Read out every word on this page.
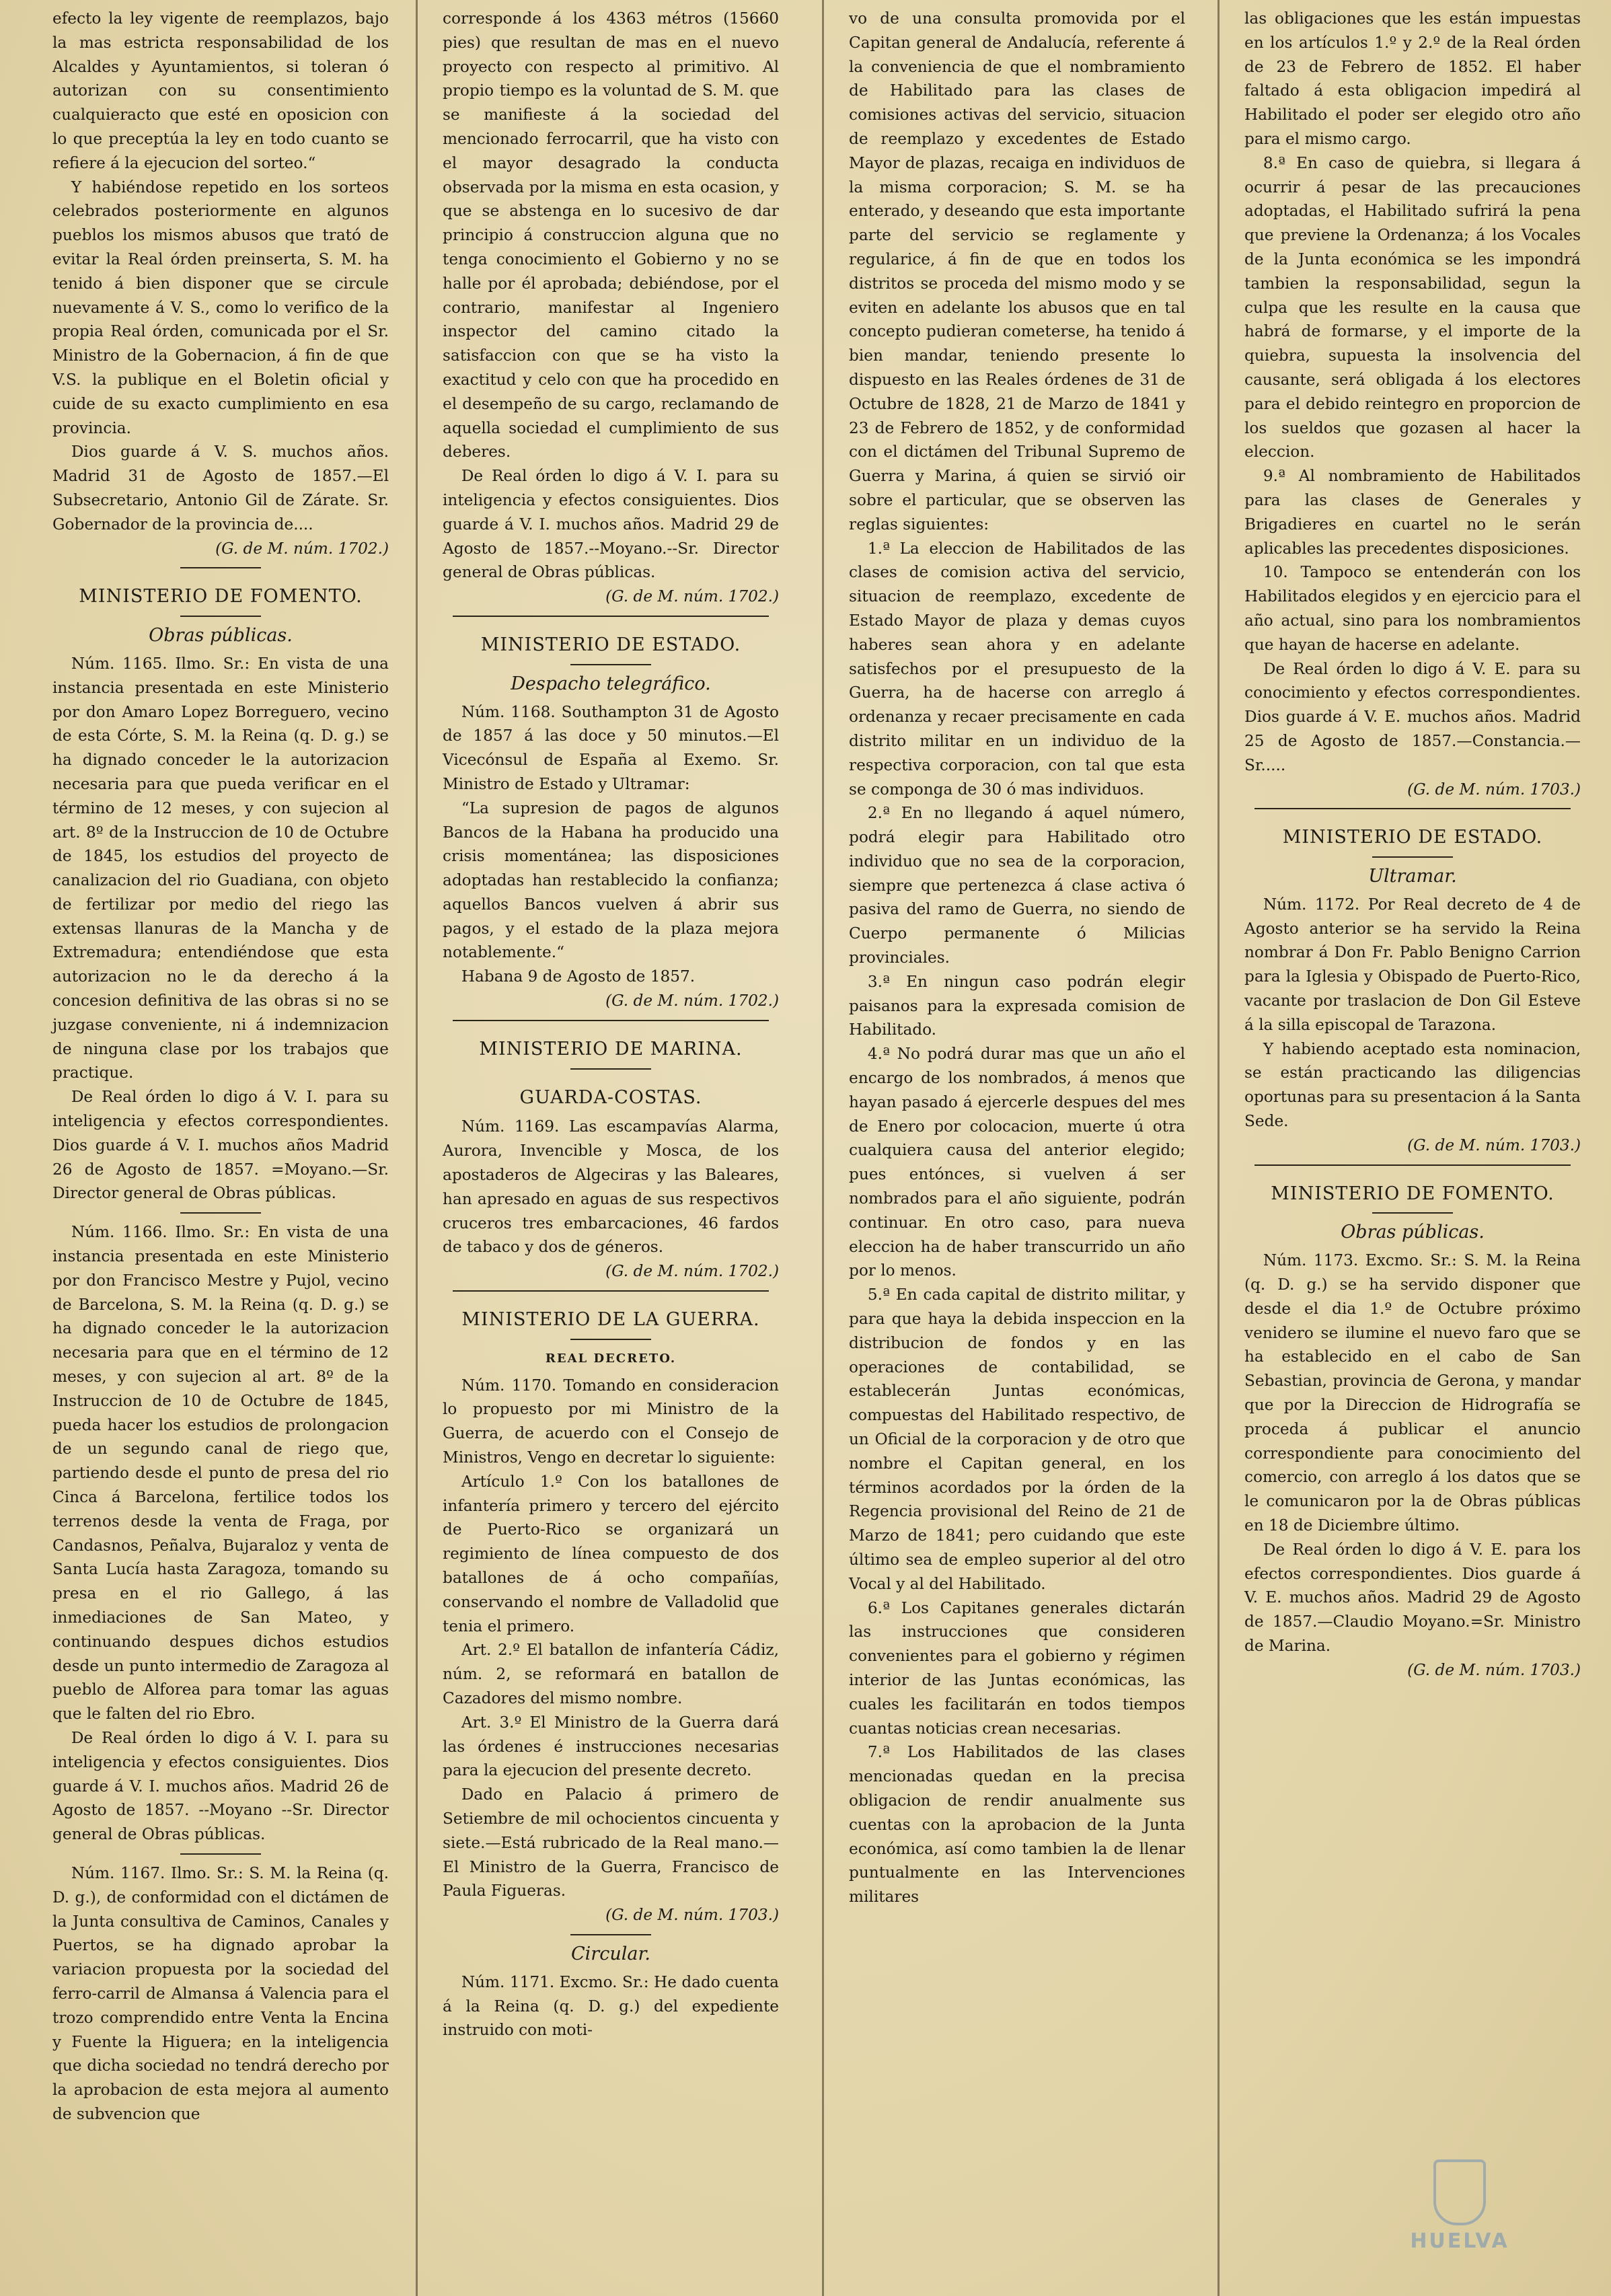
efecto la ley vigente de reemplazos, bajo la mas estricta responsabilidad de los Alcaldes y Ayuntamientos, si toleran ó autorizan con su consentimiento cualquieracto que esté en oposicion con lo que preceptúa la ley en todo cuanto se refiere á la ejecucion del sorteo.“

Y habiéndose repetido en los sorteos celebrados posteriormente en algunos pueblos los mismos abusos que trató de evitar la Real órden preinserta, S. M. ha tenido á bien disponer que se circule nuevamente á V. S., como lo verifico de la propia Real órden, comunicada por el Sr. Ministro de la Gobernacion, á fin de que V.S. la publique en el Boletin oficial y cuide de su exacto cumplimiento en esa provincia.

Dios guarde á V. S. muchos años. Madrid 31 de Agosto de 1857.—El Subsecretario, Antonio Gil de Zárate. Sr. Gobernador de la provincia de....

(G. de M. núm. 1702.)

MINISTERIO DE FOMENTO.

Obras públicas.

Núm. 1165. Ilmo. Sr.: En vista de una instancia presentada en este Ministerio por don Amaro Lopez Borreguero, vecino de esta Córte, S. M. la Reina (q. D. g.) se ha dignado conceder le la autorizacion necesaria para que pueda verificar en el término de 12 meses, y con sujecion al art. 8º de la Instruccion de 10 de Octubre de 1845, los estudios del proyecto de canalizacion del rio Guadiana, con objeto de fertilizar por medio del riego las extensas llanuras de la Mancha y de Extremadura; entendiéndose que esta autorizacion no le da derecho á la concesion definitiva de las obras si no se juzgase conveniente, ni á indemnizacion de ninguna clase por los trabajos que practique.

De Real órden lo digo á V. I. para su inteligencia y efectos correspondientes. Dios guarde á V. I. muchos años Madrid 26 de Agosto de 1857. =Moyano.—Sr. Director general de Obras públicas.

Núm. 1166. Ilmo. Sr.: En vista de una instancia presentada en este Ministerio por don Francisco Mestre y Pujol, vecino de Barcelona, S. M. la Reina (q. D. g.) se ha dignado conceder le la autorizacion necesaria para que en el término de 12 meses, y con sujecion al art. 8º de la Instruccion de 10 de Octubre de 1845, pueda hacer los estudios de prolongacion de un segundo canal de riego que, partiendo desde el punto de presa del rio Cinca á Barcelona, fertilice todos los terrenos desde la venta de Fraga, por Candasnos, Peñalva, Bujaraloz y venta de Santa Lucía hasta Zaragoza, tomando su presa en el rio Gallego, á las inmediaciones de San Mateo, y continuando despues dichos estudios desde un punto intermedio de Zaragoza al pueblo de Alforea para tomar las aguas que le falten del rio Ebro.

De Real órden lo digo á V. I. para su inteligencia y efectos consiguientes. Dios guarde á V. I. muchos años. Madrid 26 de Agosto de 1857. --Moyano --Sr. Director general de Obras públicas.

Núm. 1167. Ilmo. Sr.: S. M. la Reina (q. D. g.), de conformidad con el dictámen de la Junta consultiva de Caminos, Canales y Puertos, se ha dignado aprobar la variacion propuesta por la sociedad del ferro-carril de Almansa á Valencia para el trozo comprendido entre Venta la Encina y Fuente la Higuera; en la inteligencia que dicha sociedad no tendrá derecho por la aprobacion de esta mejora al aumento de subvencion que

corresponde á los 4363 métros (15660 pies) que resultan de mas en el nuevo proyecto con respecto al primitivo. Al propio tiempo es la voluntad de S. M. que se manifieste á la sociedad del mencionado ferrocarril, que ha visto con el mayor desagrado la conducta observada por la misma en esta ocasion, y que se abstenga en lo sucesivo de dar principio á construccion alguna que no tenga conocimiento el Gobierno y no se halle por él aprobada; debiéndose, por el contrario, manifestar al Ingeniero inspector del camino citado la satisfaccion con que se ha visto la exactitud y celo con que ha procedido en el desempeño de su cargo, reclamando de aquella sociedad el cumplimiento de sus deberes.

De Real órden lo digo á V. I. para su inteligencia y efectos consiguientes. Dios guarde á V. I. muchos años. Madrid 29 de Agosto de 1857.--Moyano.--Sr. Director general de Obras públicas.

(G. de M. núm. 1702.)

MINISTERIO DE ESTADO.

Despacho telegráfico.

Núm. 1168. Southampton 31 de Agosto de 1857 á las doce y 50 minutos.—El Vicecónsul de España al Exemo. Sr. Ministro de Estado y Ultramar:

“La supresion de pagos de algunos Bancos de la Habana ha producido una crisis momentánea; las disposiciones adoptadas han restablecido la confianza; aquellos Bancos vuelven á abrir sus pagos, y el estado de la plaza mejora notablemente.“

Habana 9 de Agosto de 1857.

(G. de M. núm. 1702.)

MINISTERIO DE MARINA.

GUARDA-COSTAS.

Núm. 1169. Las escampavías Alarma, Aurora, Invencible y Mosca, de los apostaderos de Algeciras y las Baleares, han apresado en aguas de sus respectivos cruceros tres embarcaciones, 46 fardos de tabaco y dos de géneros.

(G. de M. núm. 1702.)

MINISTERIO DE LA GUERRA.

REAL DECRETO.

Núm. 1170. Tomando en consideracion lo propuesto por mi Ministro de la Guerra, de acuerdo con el Consejo de Ministros, Vengo en decretar lo siguiente:

Artículo 1.º Con los batallones de infantería primero y tercero del ejército de Puerto-Rico se organizará un regimiento de línea compuesto de dos batallones de á ocho compañías, conservando el nombre de Valladolid que tenia el primero.

Art. 2.º El batallon de infantería Cádiz, núm. 2, se reformará en batallon de Cazadores del mismo nombre.

Art. 3.º El Ministro de la Guerra dará las órdenes é instrucciones necesarias para la ejecucion del presente decreto.

Dado en Palacio á primero de Setiembre de mil ochocientos cincuenta y siete.—Está rubricado de la Real mano.—El Ministro de la Guerra, Francisco de Paula Figueras.

(G. de M. núm. 1703.)

Circular.

Núm. 1171. Excmo. Sr.: He dado cuenta á la Reina (q. D. g.) del expediente instruido con moti-

vo de una consulta promovida por el Capitan general de Andalucía, referente á la conveniencia de que el nombramiento de Habilitado para las clases de comisiones activas del servicio, situacion de reemplazo y excedentes de Estado Mayor de plazas, recaiga en individuos de la misma corporacion; S. M. se ha enterado, y deseando que esta importante parte del servicio se reglamente y regularice, á fin de que en todos los distritos se proceda del mismo modo y se eviten en adelante los abusos que en tal concepto pudieran cometerse, ha tenido á bien mandar, teniendo presente lo dispuesto en las Reales órdenes de 31 de Octubre de 1828, 21 de Marzo de 1841 y 23 de Febrero de 1852, y de conformidad con el dictámen del Tribunal Supremo de Guerra y Marina, á quien se sirvió oir sobre el particular, que se observen las reglas siguientes:

1.ª La eleccion de Habilitados de las clases de comision activa del servicio, situacion de reemplazo, excedente de Estado Mayor de plaza y demas cuyos haberes sean ahora y en adelante satisfechos por el presupuesto de la Guerra, ha de hacerse con arreglo á ordenanza y recaer precisamente en cada distrito militar en un individuo de la respectiva corporacion, con tal que esta se componga de 30 ó mas individuos.

2.ª En no llegando á aquel número, podrá elegir para Habilitado otro individuo que no sea de la corporacion, siempre que pertenezca á clase activa ó pasiva del ramo de Guerra, no siendo de Cuerpo permanente ó Milicias provinciales.

3.ª En ningun caso podrán elegir paisanos para la expresada comision de Habilitado.

4.ª No podrá durar mas que un año el encargo de los nombrados, á menos que hayan pasado á ejercerle despues del mes de Enero por colocacion, muerte ú otra cualquiera causa del anterior elegido; pues entónces, si vuelven á ser nombrados para el año siguiente, podrán continuar. En otro caso, para nueva eleccion ha de haber transcurrido un año por lo menos.

5.ª En cada capital de distrito militar, y para que haya la debida inspeccion en la distribucion de fondos y en las operaciones de contabilidad, se establecerán Juntas económicas, compuestas del Habilitado respectivo, de un Oficial de la corporacion y de otro que nombre el Capitan general, en los términos acordados por la órden de la Regencia provisional del Reino de 21 de Marzo de 1841; pero cuidando que este último sea de empleo superior al del otro Vocal y al del Habilitado.

6.ª Los Capitanes generales dictarán las instrucciones que consideren convenientes para el gobierno y régimen interior de las Juntas económicas, las cuales les facilitarán en todos tiempos cuantas noticias crean necesarias.

7.ª Los Habilitados de las clases mencionadas quedan en la precisa obligacion de rendir anualmente sus cuentas con la aprobacion de la Junta económica, así como tambien la de llenar puntualmente en las Intervenciones militares

las obligaciones que les están impuestas en los artículos 1.º y 2.º de la Real órden de 23 de Febrero de 1852. El haber faltado á esta obligacion impedirá al Habilitado el poder ser elegido otro año para el mismo cargo.

8.ª En caso de quiebra, si llegara á ocurrir á pesar de las precauciones adoptadas, el Habilitado sufrirá la pena que previene la Ordenanza; á los Vocales de la Junta económica se les impondrá tambien la responsabilidad, segun la culpa que les resulte en la causa que habrá de formarse, y el importe de la quiebra, supuesta la insolvencia del causante, será obligada á los electores para el debido reintegro en proporcion de los sueldos que gozasen al hacer la eleccion.

9.ª Al nombramiento de Habilitados para las clases de Generales y Brigadieres en cuartel no le serán aplicables las precedentes disposiciones.

10. Tampoco se entenderán con los Habilitados elegidos y en ejercicio para el año actual, sino para los nombramientos que hayan de hacerse en adelante.

De Real órden lo digo á V. E. para su conocimiento y efectos correspondientes. Dios guarde á V. E. muchos años. Madrid 25 de Agosto de 1857.—Constancia.—Sr.....

(G. de M. núm. 1703.)

MINISTERIO DE ESTADO.

Ultramar.

Núm. 1172. Por Real decreto de 4 de Agosto anterior se ha servido la Reina nombrar á Don Fr. Pablo Benigno Carrion para la Iglesia y Obispado de Puerto-Rico, vacante por traslacion de Don Gil Esteve á la silla episcopal de Tarazona.

Y habiendo aceptado esta nominacion, se están practicando las diligencias oportunas para su presentacion á la Santa Sede.

(G. de M. núm. 1703.)

MINISTERIO DE FOMENTO.

Obras públicas.

Núm. 1173. Excmo. Sr.: S. M. la Reina (q. D. g.) se ha servido disponer que desde el dia 1.º de Octubre próximo venidero se ilumine el nuevo faro que se ha establecido en el cabo de San Sebastian, provincia de Gerona, y mandar que por la Direccion de Hidrografía se proceda á publicar el anuncio correspondiente para conocimiento del comercio, con arreglo á los datos que se le comunicaron por la de Obras públicas en 18 de Diciembre último.

De Real órden lo digo á V. E. para los efectos correspondientes. Dios guarde á V. E. muchos años. Madrid 29 de Agosto de 1857.—Claudio Moyano.=Sr. Ministro de Marina.

(G. de M. núm. 1703.)

HUELVA
